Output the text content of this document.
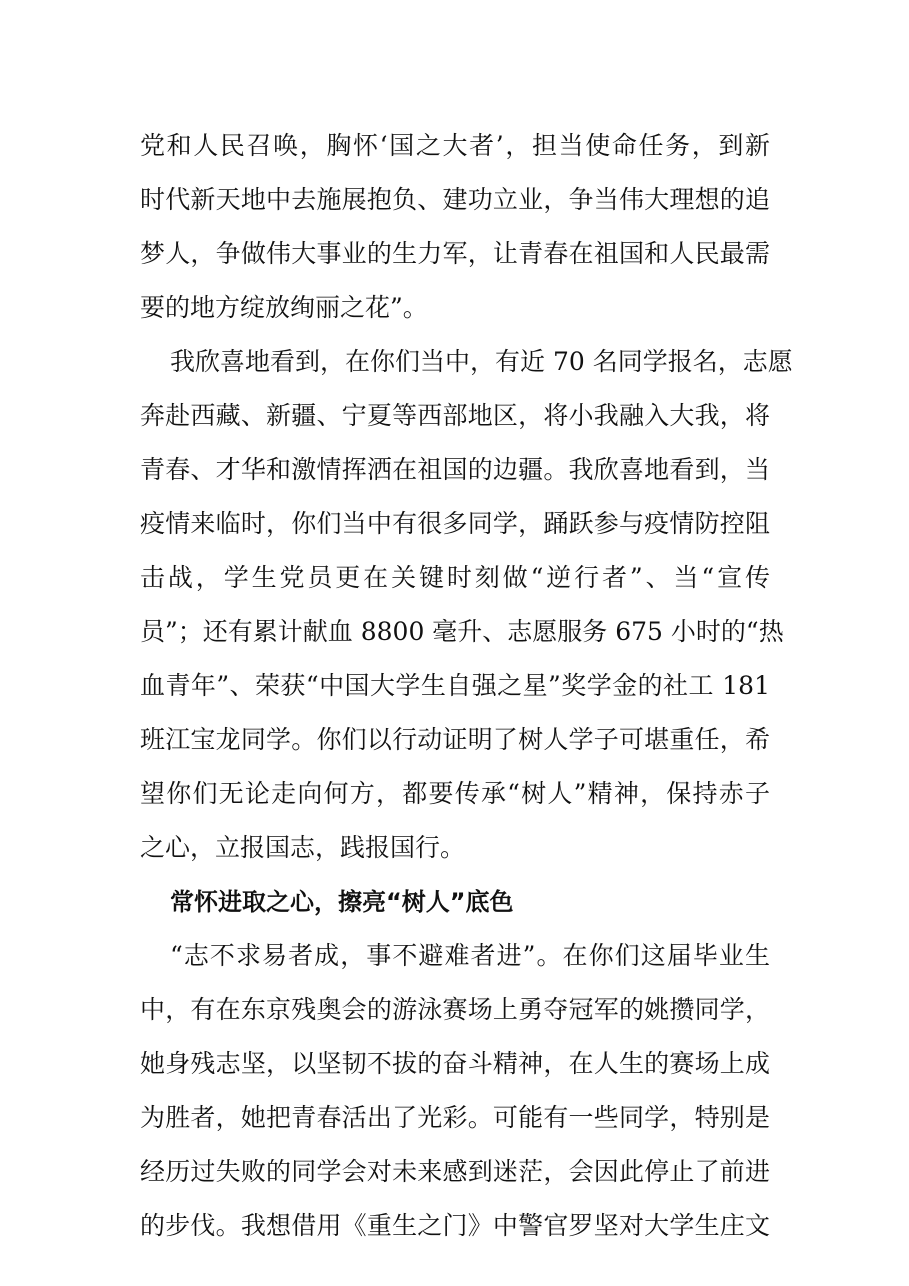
党和人民召唤，胸怀‘国之大者’，担当使命任务，到新
时代新天地中去施展抱负、建功立业，争当伟大理想的追
梦人，争做伟大事业的生力军，让青春在祖国和人民最需
要的地方绽放绚丽之花”。
我欣喜地看到，在你们当中，有近 70 名同学报名，志愿
奔赴西藏、新疆、宁夏等西部地区，将小我融入大我，将
青春、才华和激情挥洒在祖国的边疆。我欣喜地看到，当
疫情来临时，你们当中有很多同学，踊跃参与疫情防控阻
击战，学生党员更在关键时刻做“逆行者”、当“宣传
员”；还有累计献血 8800 毫升、志愿服务 675 小时的“热
血青年”、荣获“中国大学生自强之星”奖学金的社工 181
班江宝龙同学。你们以行动证明了树人学子可堪重任，希
望你们无论走向何方，都要传承“树人”精神，保持赤子
之心，立报国志，践报国行。
常怀进取之心，擦亮“树人”底色
“志不求易者成，事不避难者进”。在你们这届毕业生
中，有在东京残奥会的游泳赛场上勇夺冠军的姚攒同学，
她身残志坚，以坚韧不拔的奋斗精神，在人生的赛场上成
为胜者，她把青春活出了光彩。可能有一些同学，特别是
经历过失败的同学会对未来感到迷茫，会因此停止了前进
的步伐。我想借用《重生之门》中警官罗坚对大学生庄文
